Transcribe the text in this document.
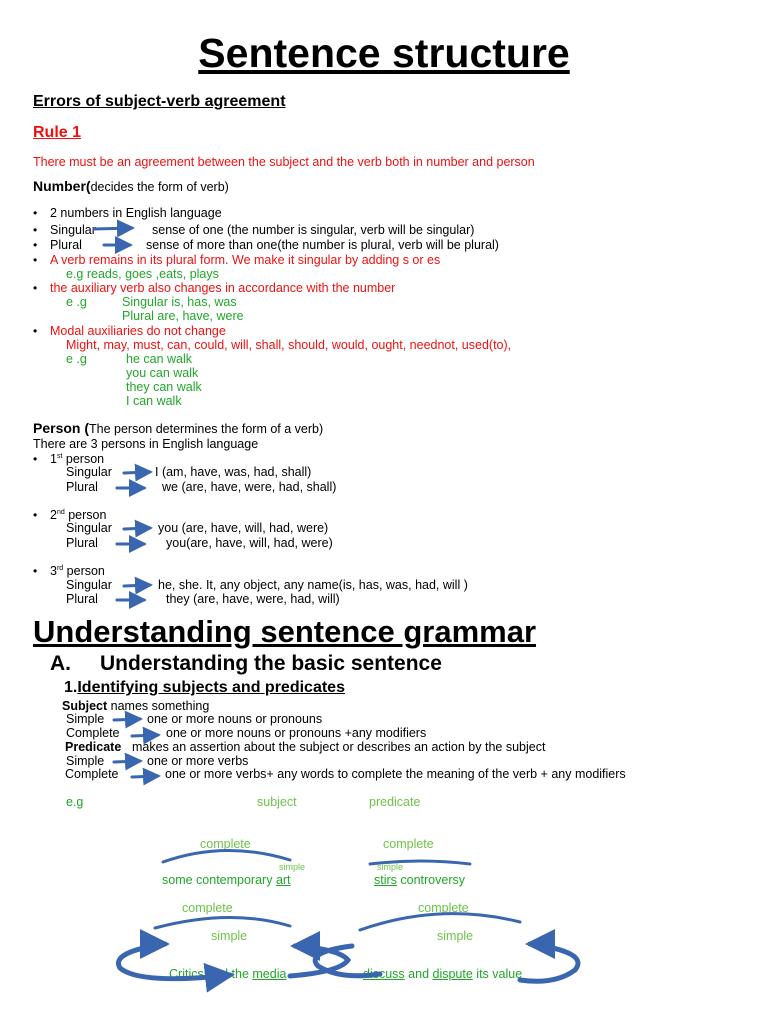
Sentence structure
Errors of subject-verb agreement
Rule 1
There must be an agreement between the subject and the verb both in number and person
Number(decides the form of verb)
• 2 numbers in English language
• Singular	sense of one (the number is singular, verb will be singular)
• Plural	sense of more than one(the number is plural, verb will be plural)
• A verb remains in its plural form. We make it singular by adding s or es
e.g reads, goes ,eats, plays
• the auxiliary verb also changes in accordance with the number
e .g	Singular is, has, was
Plural are, have, were
• Modal auxiliaries do not change
Might, may, must, can, could, will, shall, should, would, ought, neednot, used(to),
e .g	he can walk
you can walk
they can walk
I can walk
Person (The person determines the form of a verb)
There are 3 persons in English language
• 1st person
Singular	I (am, have, was, had, shall)
Plural	we (are, have, were, had, shall)
• 2nd person
Singular	you (are, have, will, had, were)
Plural	you(are, have, will, had, were)
• 3rd person
Singular	he, she. It, any object, any name(is, has, was, had, will )
Plural	they (are, have, were, had, will)
Understanding sentence grammar
A. Understanding the basic sentence
1.Identifying subjects and predicates
Subject names something
Simple	one or more nouns or pronouns
Complete	one or more nouns or pronouns +any modifiers
Predicate makes an assertion about the subject or describes an action by the subject
Simple	one or more verbs
Complete	one or more verbs+ any words to complete the meaning of the verb + any modifiers
e.g	subject	predicate
complete	complete
simple	simple
some contemporary art	stirs controversy
complete	complete
simple	simple
Critics and the media	discuss and dispute its value
